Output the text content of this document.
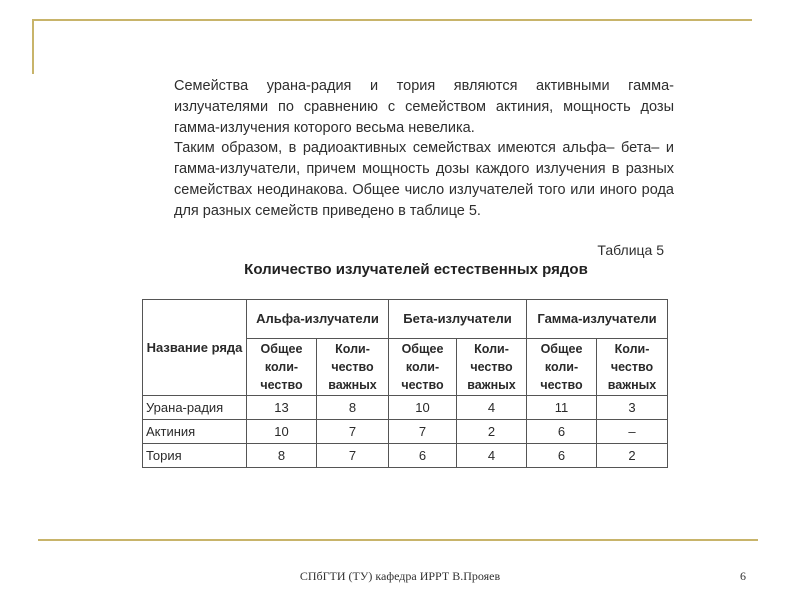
Семейства урана-радия и тория являются активными гамма-излучателями по сравнению с семейством актиния, мощность дозы гамма-излучения которого весьма невелика.

Таким образом, в радиоактивных семействах имеются альфа– бета– и гамма-излучатели, причем мощность дозы каждого излучения в разных семействах неодинакова. Общее число излучателей того или иного рода для разных семейств приведено в таблице 5.

Таблица 5
Количество излучателей естественных рядов
Название ряда	Альфа-излучатели		Бета-излучатели		Гамма-излучатели	
	Общее коли-чество	Коли-чество важных	Общее коли-чество	Коли-чество важных	Общее коли-чество	Коли-чество важных
Урана-радия	13	8	10	4	11	3
Актиния	10	7	7	2	6	–
Тория	8	7	6	4	6	2
СПбГТИ (ТУ) кафедра ИРРТ В.Прояев	6
